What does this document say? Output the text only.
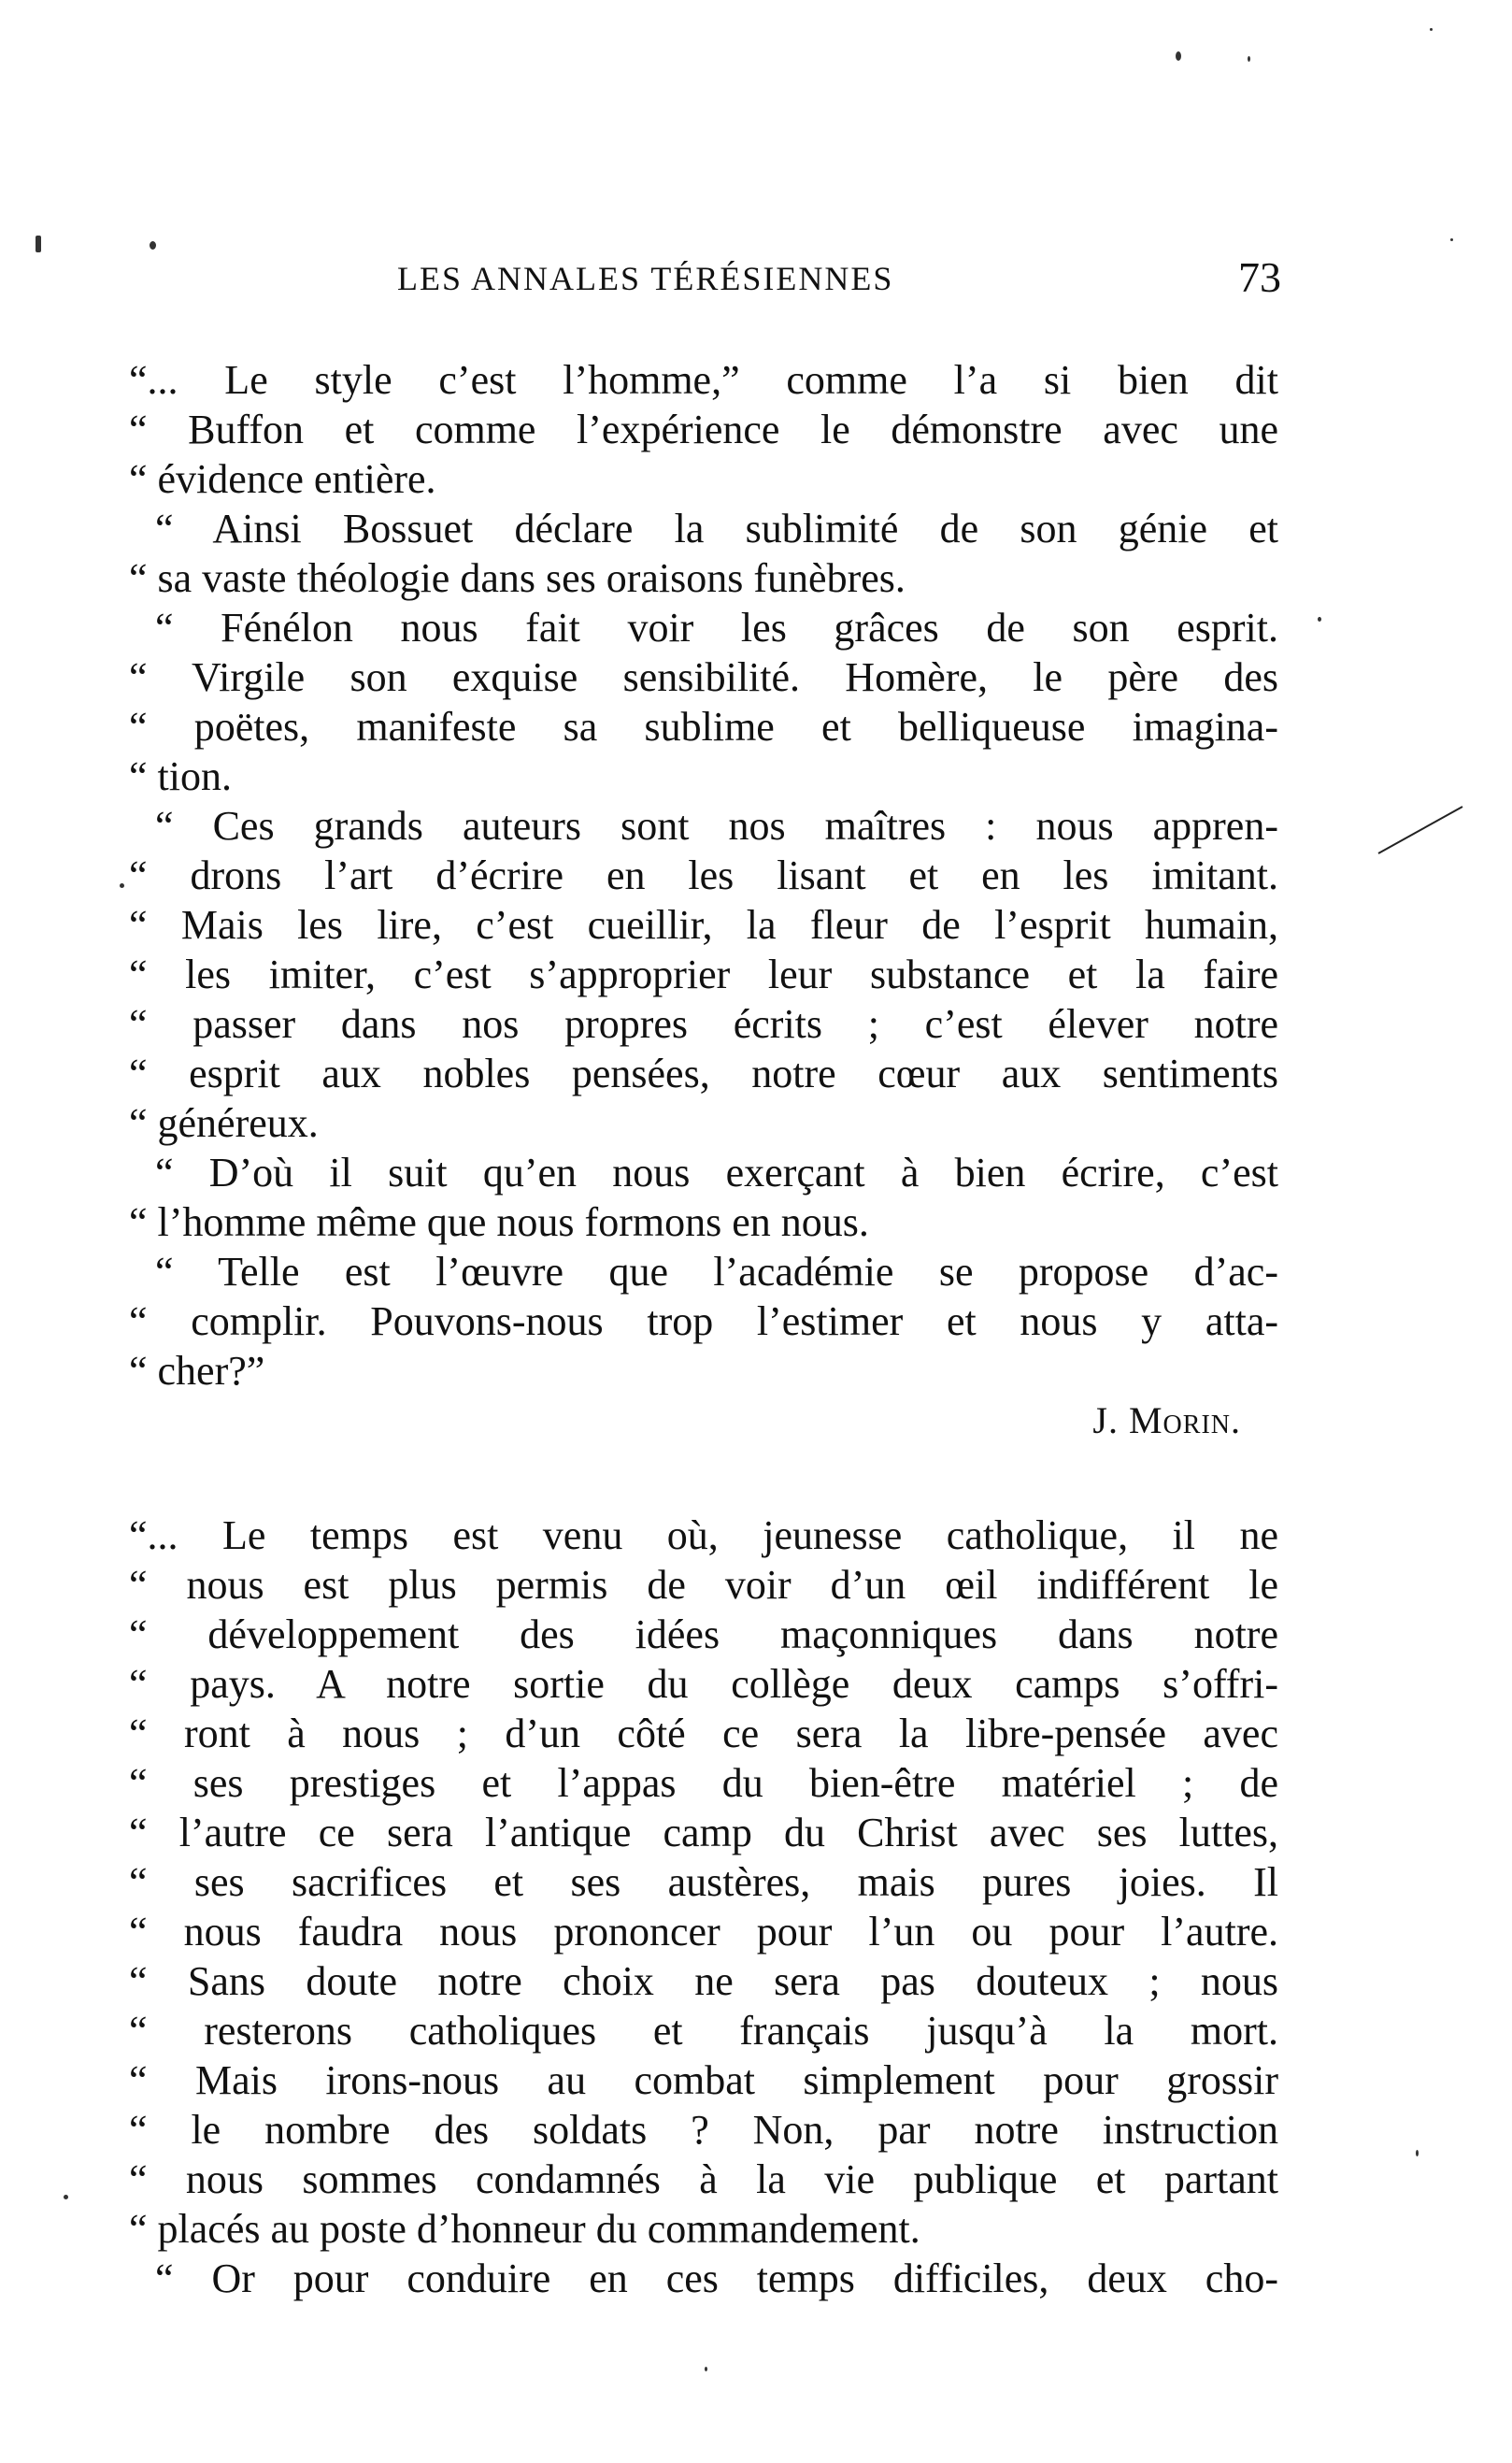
LES ANNALES TÉRÉSIENNES	73
“... Le style c’est l’homme,” comme l’a si bien dit
“ Buffon et comme l’expérience le démonstre avec une
“ évidence entière.
“ Ainsi Bossuet déclare la sublimité de son génie et
“ sa vaste théologie dans ses oraisons funèbres.
“ Fénélon nous fait voir les grâces de son esprit.
“ Virgile son exquise sensibilité. Homère, le père des
“ poëtes, manifeste sa sublime et belliqueuse imagina-
“ tion.
“ Ces grands auteurs sont nos maîtres : nous appren-
“ drons l’art d’écrire en les lisant et en les imitant.
“ Mais les lire, c’est cueillir, la fleur de l’esprit humain,
“ les imiter, c’est s’approprier leur substance et la faire
“ passer dans nos propres écrits ; c’est élever notre
“ esprit aux nobles pensées, notre cœur aux sentiments
“ généreux.
“ D’où il suit qu’en nous exerçant à bien écrire, c’est
“ l’homme même que nous formons en nous.
“ Telle est l’œuvre que l’académie se propose d’ac-
“ complir. Pouvons-nous trop l’estimer et nous y atta-
“ cher?”
J. Morin.
“... Le temps est venu où, jeunesse catholique, il ne
“ nous est plus permis de voir d’un œil indifférent le
“ développement des idées maçonniques dans notre
“ pays. A notre sortie du collège deux camps s’offri-
“ ront à nous ; d’un côté ce sera la libre-pensée avec
“ ses prestiges et l’appas du bien-être matériel ; de
“ l’autre ce sera l’antique camp du Christ avec ses luttes,
“ ses sacrifices et ses austères, mais pures joies. Il
“ nous faudra nous prononcer pour l’un ou pour l’autre.
“ Sans doute notre choix ne sera pas douteux ; nous
“ resterons catholiques et français jusqu’à la mort.
“ Mais irons-nous au combat simplement pour grossir
“ le nombre des soldats ? Non, par notre instruction
“ nous sommes condamnés à la vie publique et partant
“ placés au poste d’honneur du commandement.
“ Or pour conduire en ces temps difficiles, deux cho-
